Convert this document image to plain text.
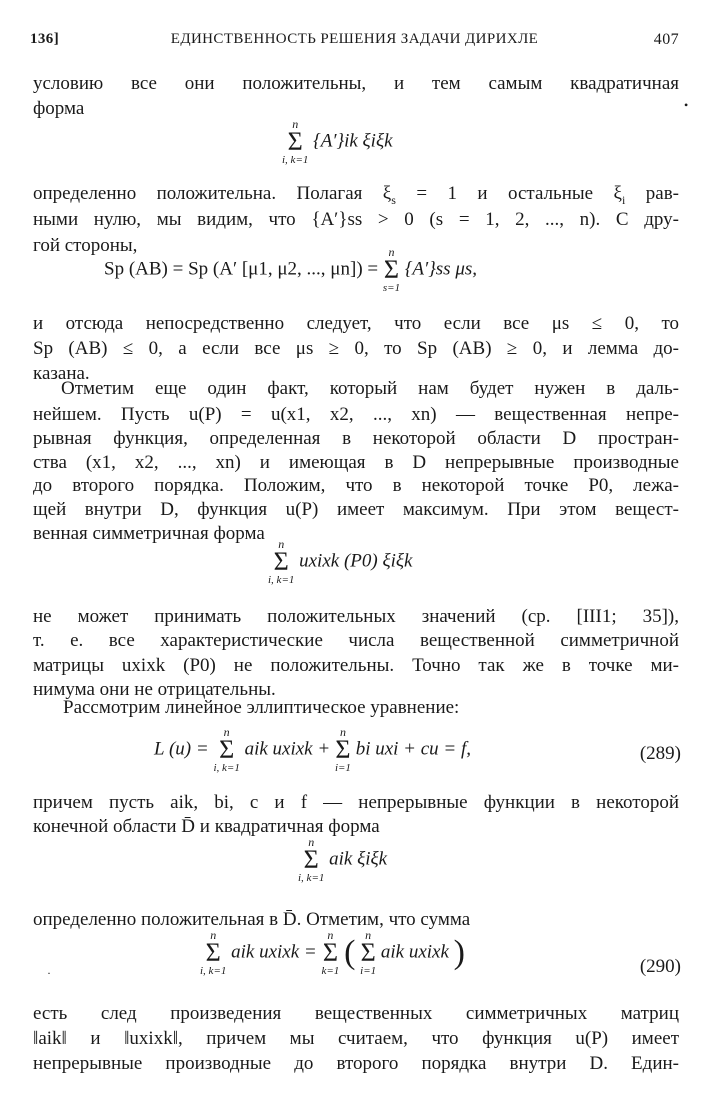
136]	ЕДИНСТВЕННОСТЬ РЕШЕНИЯ ЗАДАЧИ ДИРИХЛЕ	407
условию все они положительны, и тем самым квадратичная
форма
n
Σ
i, k=1
{A′}ik ξiξk
определенно положительна. Полагая $\xi_s = 1$ и остальные $\xi_i$ рав-
ными нулю, мы видим, что {A′}ss > 0 (s = 1, 2, ..., n). С дру-
гой стороны,
Sp (AB) = Sp (A′ [μ1, μ2, ..., μn]) =
n
Σ
s=1
{A′}ss μs,
и отсюда непосредственно следует, что если все μs ≤ 0, то
Sp (AB) ≤ 0, а если все μs ≥ 0, то Sp (AB) ≥ 0, и лемма до-
казана.
Отметим еще один факт, который нам будет нужен в даль-
нейшем. Пусть u(P) = u(x1, x2, ..., xn) — вещественная непре-
рывная функция, определенная в некоторой области D простран-
ства (x1, x2, ..., xn) и имеющая в D непрерывные производные
до второго порядка. Положим, что в некоторой точке P0, лежа-
щей внутри D, функция u(P) имеет максимум. При этом вещест-
венная симметричная форма	n
Σ
i, k=1
uxixk (P0) ξiξk
не может принимать положительных значений (ср. [III1; 35]),
т. е. все характеристические числа вещественной симметричной
матрицы uxixk (P0) не положительны. Точно так же в точке ми-
нимума они не отрицательны.
Рассмотрим линейное эллиптическое уравнение:
L (u) =
n
Σ
i, k=1
aik uxixk +
n
Σ
i=1
bi uxi + cu = f,	(289)
причем пусть aik, bi, c и f — непрерывные функции в некоторой
конечной области D̄ и квадратичная форма
n
Σ
i, k=1
aik ξiξk
определенно положительная в D̄. Отметим, что сумма
n
Σ
i, k=1
aik uxixk =
n
Σ
k=1 ( n
Σ
i=1
aik uxixk )	(290)
есть след произведения вещественных симметричных матриц
‖aik‖ и ‖uxixk‖, причем мы считаем, что функция u(P) имеет
непрерывные производные до второго порядка внутри D. Един-
•
·
